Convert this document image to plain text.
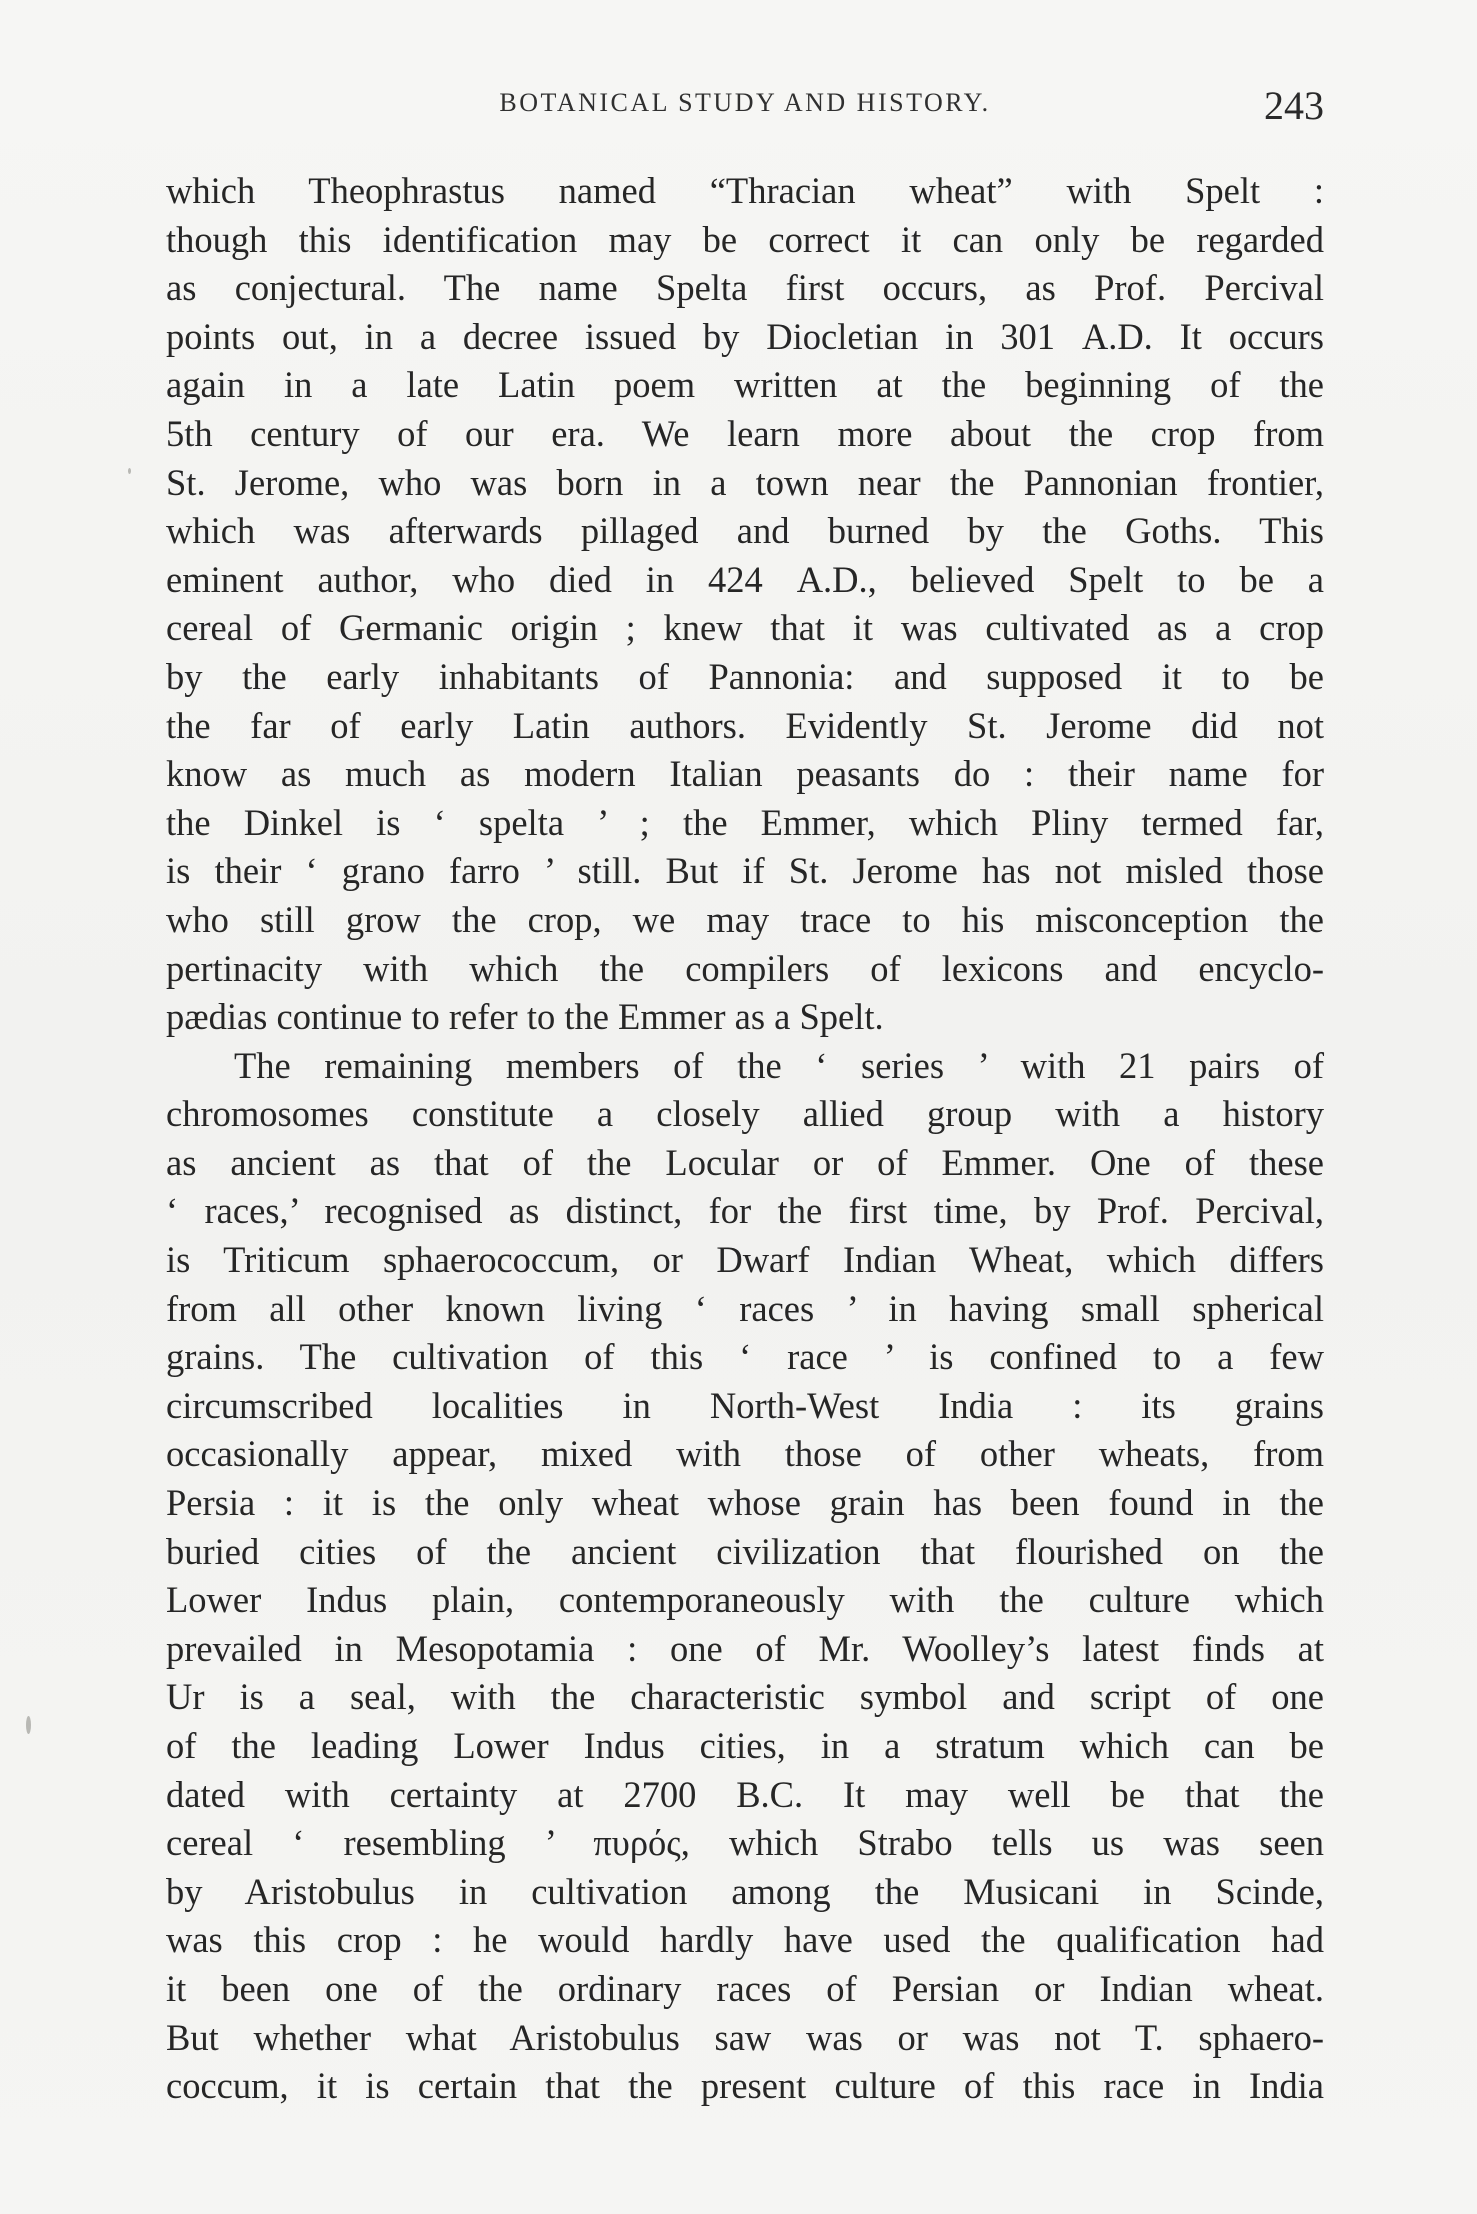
BOTANICAL STUDY AND HISTORY.	243
which Theophrastus named “Thracian wheat” with Spelt :
though this identification may be correct it can only be regarded
as conjectural. The name Spelta first occurs, as Prof. Percival
points out, in a decree issued by Diocletian in 301 A.D. It occurs
again in a late Latin poem written at the beginning of the
5th century of our era. We learn more about the crop from
St. Jerome, who was born in a town near the Pannonian frontier,
which was afterwards pillaged and burned by the Goths. This
eminent author, who died in 424 A.D., believed Spelt to be a
cereal of Germanic origin ; knew that it was cultivated as a crop
by the early inhabitants of Pannonia: and supposed it to be
the far of early Latin authors. Evidently St. Jerome did not
know as much as modern Italian peasants do : their name for
the Dinkel is ‘ spelta ’ ; the Emmer, which Pliny termed far,
is their ‘ grano farro ’ still. But if St. Jerome has not misled those
who still grow the crop, we may trace to his misconception the
pertinacity with which the compilers of lexicons and encyclo-
pædias continue to refer to the Emmer as a Spelt.
The remaining members of the ‘ series ’ with 21 pairs of
chromosomes constitute a closely allied group with a history
as ancient as that of the Locular or of Emmer. One of these
‘ races,’ recognised as distinct, for the first time, by Prof. Percival,
is Triticum sphaerococcum, or Dwarf Indian Wheat, which differs
from all other known living ‘ races ’ in having small spherical
grains. The cultivation of this ‘ race ’ is confined to a few
circumscribed localities in North-West India : its grains
occasionally appear, mixed with those of other wheats, from
Persia : it is the only wheat whose grain has been found in the
buried cities of the ancient civilization that flourished on the
Lower Indus plain, contemporaneously with the culture which
prevailed in Mesopotamia : one of Mr. Woolley’s latest finds at
Ur is a seal, with the characteristic symbol and script of one
of the leading Lower Indus cities, in a stratum which can be
dated with certainty at 2700 B.C. It may well be that the
cereal ‘ resembling ’ πυρός, which Strabo tells us was seen
by Aristobulus in cultivation among the Musicani in Scinde,
was this crop : he would hardly have used the qualification had
it been one of the ordinary races of Persian or Indian wheat.
But whether what Aristobulus saw was or was not T. sphaero-
coccum, it is certain that the present culture of this race in India
